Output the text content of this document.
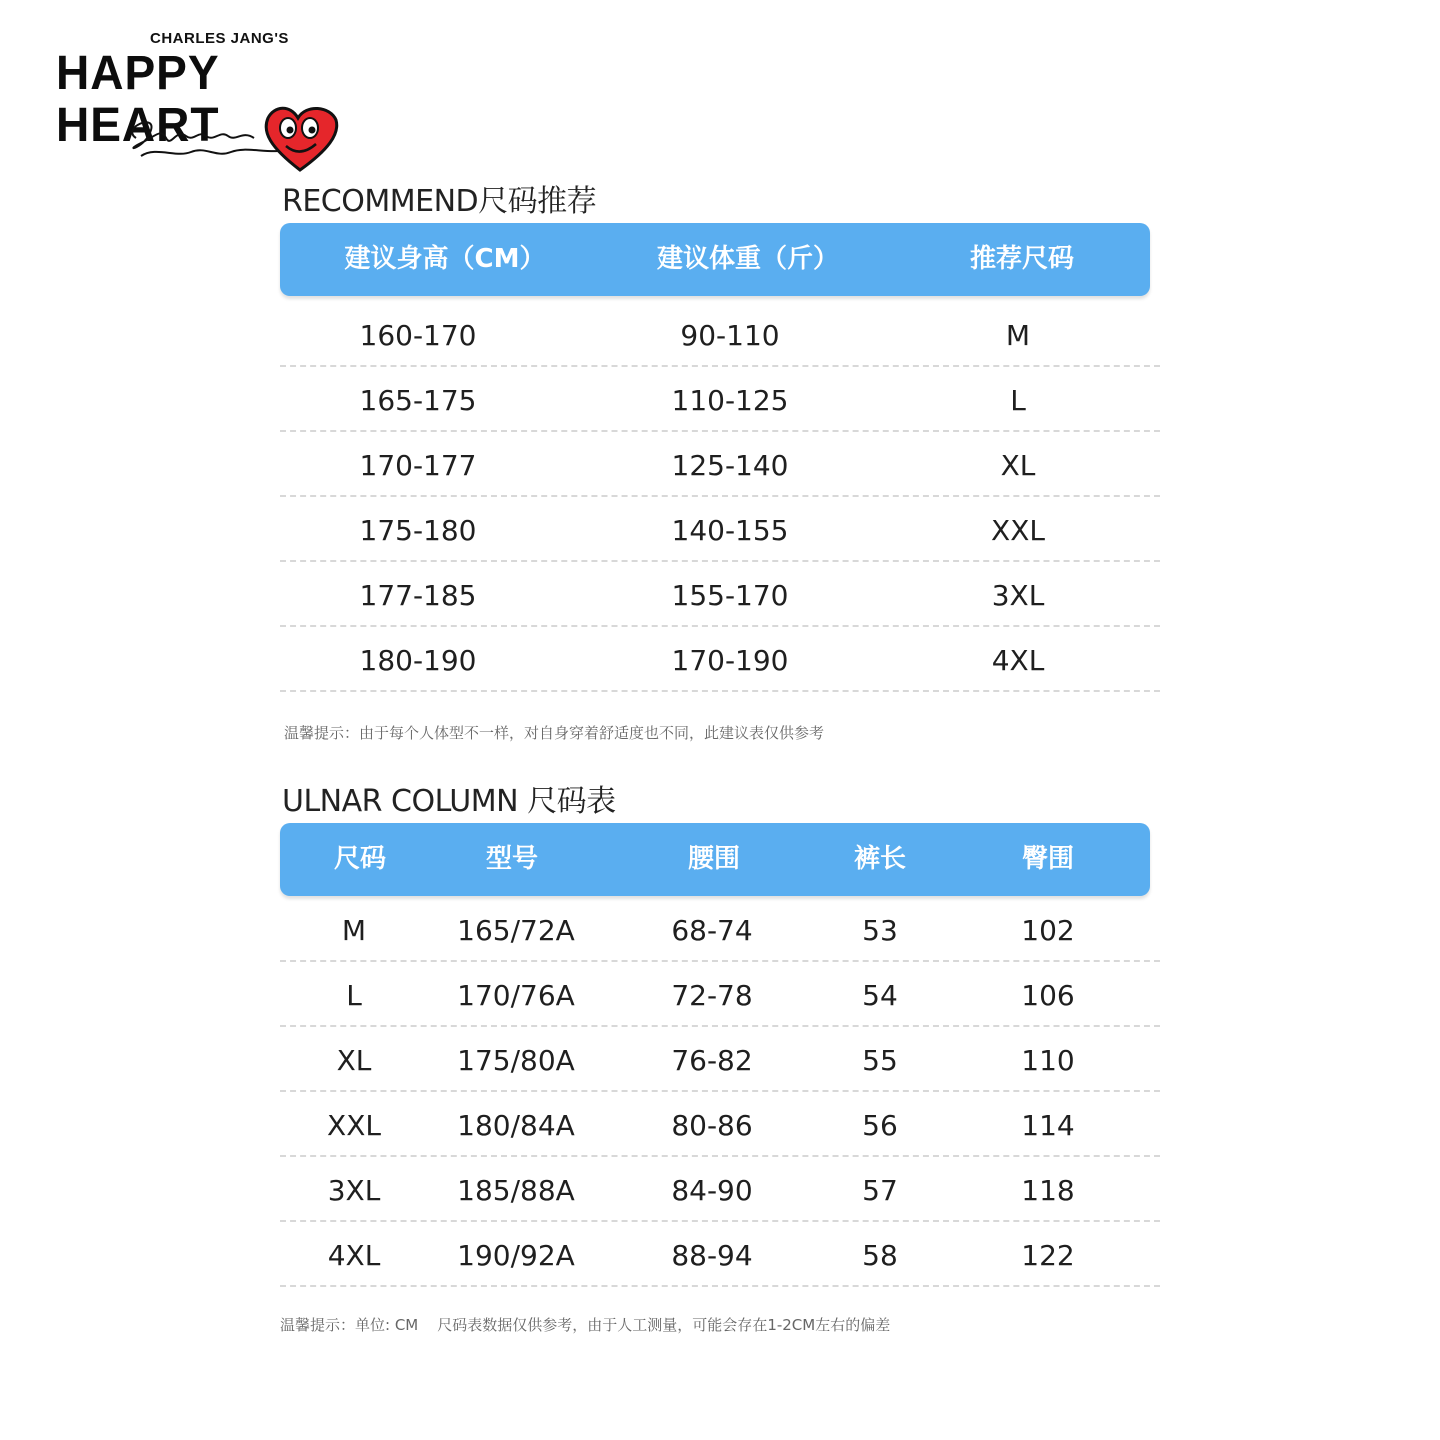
CHARLES JANG'S
HAPPY HEART
RECOMMEND尺码推荐
建议身高（CM）	建议体重（斤）	推荐尺码
160-170	90-110	M
165-175	110-125	L
170-177	125-140	XL
175-180	140-155	XXL
177-185	155-170	3XL
180-190	170-190	4XL
温馨提示：由于每个人体型不一样，对自身穿着舒适度也不同，此建议表仅供参考
ULNAR COLUMN 尺码表
尺码	型号	腰围	裤长	臀围
M	165/72A	68-74	53	102
L	170/76A	72-78	54	106
XL	175/80A	76-82	55	110
XXL	180/84A	80-86	56	114
3XL	185/88A	84-90	57	118
4XL	190/92A	88-94	58	122
温馨提示：单位: CM    尺码表数据仅供参考，由于人工测量，可能会存在1-2CM左右的偏差
